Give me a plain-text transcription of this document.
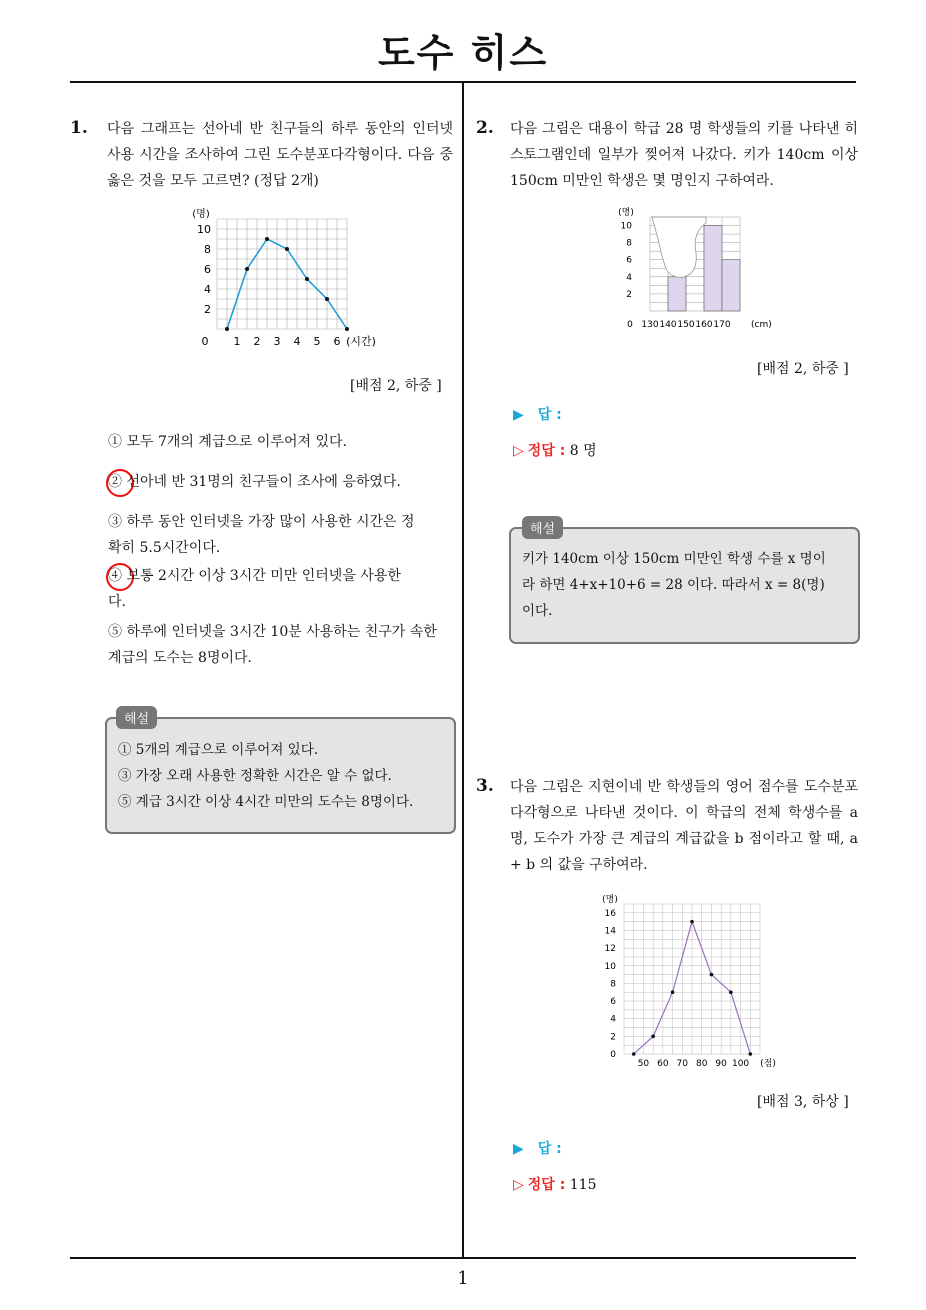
도수 히스
1
1. 다음 그래프는 선아네 반 친구들의 하루 동안의 인터넷 사용 시간을 조사하여 그린 도수분포다각형이다. 다음 중 옳은 것을 모두 고르면? (정답 2개)
(명)
2
4
6
8
10
0 1 2 3 4 5 6 (시간)
[배점 2, 하중 ]
① 모두 7개의 계급으로 이루어져 있다.
② 선아네 반 31명의 친구들이 조사에 응하였다.
③ 하루 동안 인터넷을 가장 많이 사용한 시간은 정확히 5.5시간이다.
④ 보통 2시간 이상 3시간 미만 인터넷을 사용한다.
⑤ 하루에 인터넷을 3시간 10분 사용하는 친구가 속한 계급의 도수는 8명이다.
해설
① 5개의 계급으로 이루어져 있다.
③ 가장 오래 사용한 정확한 시간은 알 수 없다.
⑤ 계급 3시간 이상 4시간 미만의 도수는 8명이다.
2. 다음 그림은 대용이 학급 28 명 학생들의 키를 나타낸 히스토그램인데 일부가 찢어져 나갔다. 키가 140cm 이상 150cm 미만인 학생은 몇 명인지 구하여라.
(명)
2
4
6
8
10
0 130 140 150 160 170 (cm)
[배점 2, 하중 ]
▶ 답 :
▷ 정답 : 8 명
해설
키가 140cm 이상 150cm 미만인 학생 수를 x 명이
라 하면 4+x+10+6 = 28 이다. 따라서 x = 8(명)
이다.
3. 다음 그림은 지현이네 반 학생들의 영어 점수를 도수분포다각형으로 나타낸 것이다. 이 학급의 전체 학생수를 a 명, 도수가 가장 큰 계급의 계급값을 b 점이라고 할 때, a + b 의 값을 구하여라.
(명)
0
2
4
6
8
10
12
14
16
50 60 70 80 90 100 (점)
[배점 3, 하상 ]
▶ 답 :
▷ 정답 : 115
